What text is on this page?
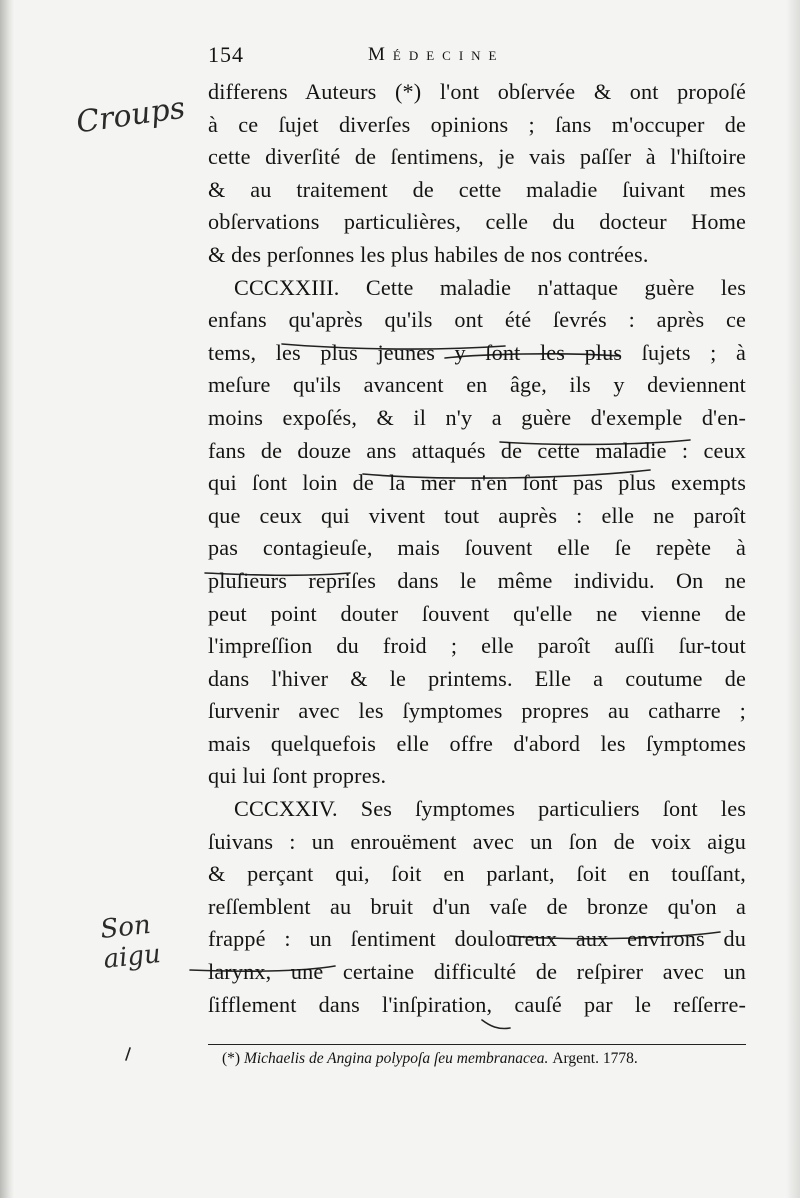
Croups
Son
aigu
154	Médecine
differens Auteurs (*) l'ont obſervée & ont propoſé
à ce ſujet diverſes opinions ; ſans m'occuper de
cette diverſité de ſentimens, je vais paſſer à l'hiſtoire
& au traitement de cette maladie ſuivant mes
obſervations particulières, celle du docteur Home
& des perſonnes les plus habiles de nos contrées.
CCCXXIII. Cette maladie n'attaque guère les
enfans qu'après qu'ils ont été ſevrés : après ce
tems, les plus jeunes y ſont les plus ſujets ; à
meſure qu'ils avancent en âge, ils y deviennent
moins expoſés, & il n'y a guère d'exemple d'en-
fans de douze ans attaqués de cette maladie : ceux
qui ſont loin de la mer n'en ſont pas plus exempts
que ceux qui vivent tout auprès : elle ne paroît
pas contagieuſe, mais ſouvent elle ſe repète à
pluſieurs repriſes dans le même individu. On ne
peut point douter ſouvent qu'elle ne vienne de
l'impreſſion du froid ; elle paroît auſſi ſur-tout
dans l'hiver & le printems. Elle a coutume de
ſurvenir avec les ſymptomes propres au catharre ;
mais quelquefois elle offre d'abord les ſymptomes
qui lui ſont propres.
CCCXXIV. Ses ſymptomes particuliers ſont les
ſuivans : un enrouëment avec un ſon de voix aigu
& perçant qui, ſoit en parlant, ſoit en touſſant,
reſſemblent au bruit d'un vaſe de bronze qu'on a
frappé : un ſentiment douloureux aux environs du
larynx, une certaine difficulté de reſpirer avec un
ſifflement dans l'inſpiration, cauſé par le reſſerre-
(*) Michaelis de Angina polypoſa ſeu membranacea. Argent. 1778.
